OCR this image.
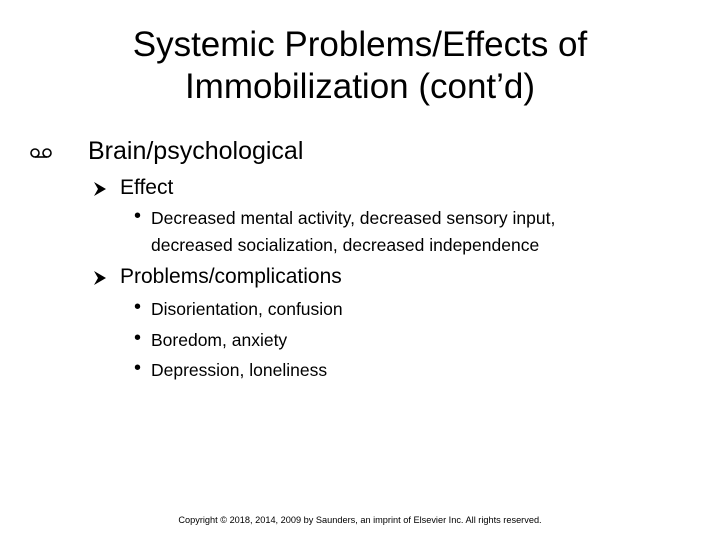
Systemic Problems/Effects of
Immobilization (cont’d)
Brain/psychological
Effect
• Decreased mental activity, decreased sensory input,
decreased socialization, decreased independence
Problems/complications
• Disorientation, confusion
• Boredom, anxiety
• Depression, loneliness
Copyright © 2018, 2014, 2009 by Saunders, an imprint of Elsevier Inc. All rights reserved.
